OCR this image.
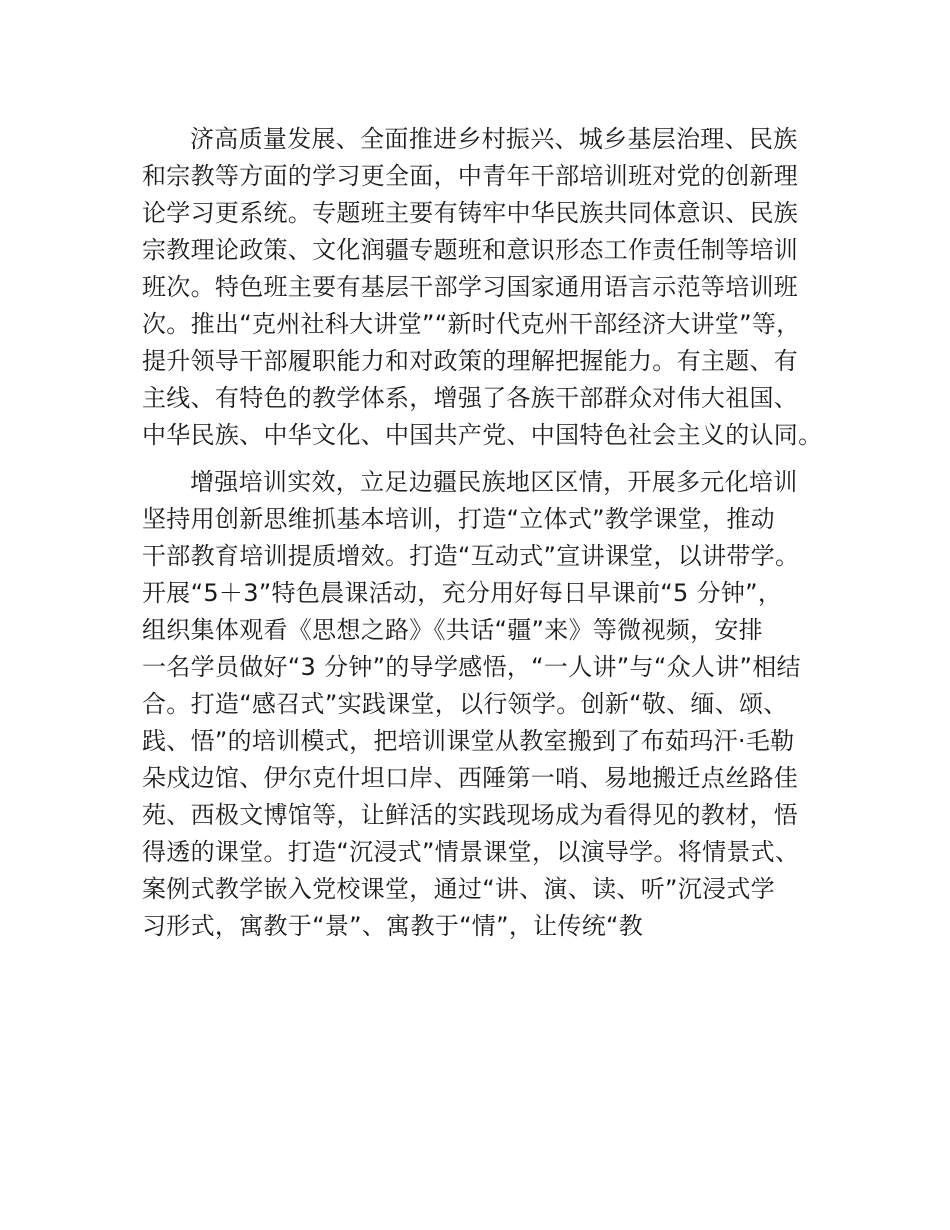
济高质量发展、全面推进乡村振兴、城乡基层治理、民族
和宗教等方面的学习更全面，中青年干部培训班对党的创新理
论学习更系统。专题班主要有铸牢中华民族共同体意识、民族
宗教理论政策、文化润疆专题班和意识形态工作责任制等培训
班次。特色班主要有基层干部学习国家通用语言示范等培训班
次。推出“克州社科大讲堂”“新时代克州干部经济大讲堂”等，
提升领导干部履职能力和对政策的理解把握能力。有主题、有
主线、有特色的教学体系，增强了各族干部群众对伟大祖国、
中华民族、中华文化、中国共产党、中国特色社会主义的认同。
增强培训实效，立足边疆民族地区区情，开展多元化培训
坚持用创新思维抓基本培训，打造“立体式”教学课堂，推动
干部教育培训提质增效。打造“互动式”宣讲课堂，以讲带学。
开展“5＋3”特色晨课活动，充分用好每日早课前“5 分钟”，
组织集体观看《思想之路》《共话“疆”来》等微视频，安排
一名学员做好“3 分钟”的导学感悟，“一人讲”与“众人讲”相结
合。打造“感召式”实践课堂，以行领学。创新“敬、缅、颂、
践、悟”的培训模式，把培训课堂从教室搬到了布茹玛汗·毛勒
朵戍边馆、伊尔克什坦口岸、西陲第一哨、易地搬迁点丝路佳
苑、西极文博馆等，让鲜活的实践现场成为看得见的教材，悟
得透的课堂。打造“沉浸式”情景课堂，以演导学。将情景式、
案例式教学嵌入党校课堂，通过“讲、演、读、听”沉浸式学
习形式，寓教于“景”、寓教于“情”，让传统“教
